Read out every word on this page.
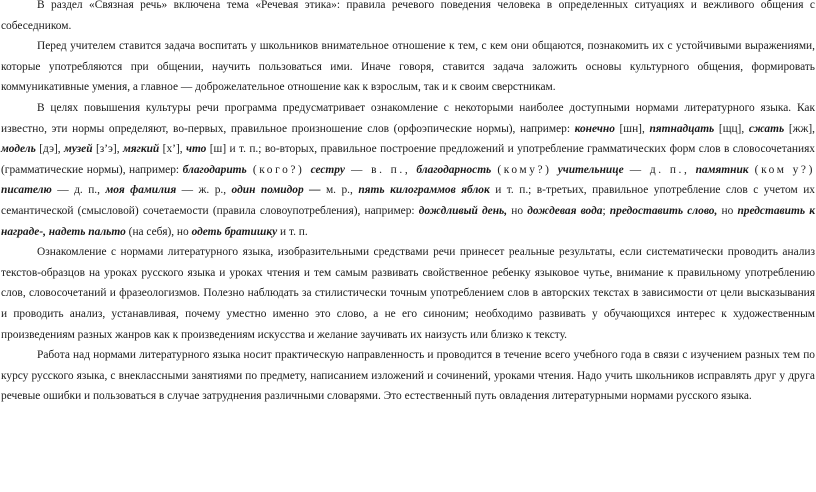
В раздел «Связная речь» включена тема «Речевая этика»: правила речевого поведения человека в определенных ситуациях и вежливого общения с собеседником.

Перед учителем ставится задача воспитать у школьников внимательное отношение к тем, с кем они общаются, познакомить их с устойчивыми выражениями, которые употребляются при общении, научить пользоваться ими. Иначе говоря, ставится задача заложить основы культурного общения, формировать коммуникативные умения, а главное — доброжелательное отношение как к взрослым, так и к своим сверстникам.

В целях повышения культуры речи программа предусматривает ознакомление с некоторыми наиболее доступными нормами литературного языка. Как известно, эти нормы определяют, во-первых, правильное произношение слов (орфоэпические нормы), например: конечно [шн], пятнадцать [щц], сжать [жж], модель [дэ], музей [з’э], мягкий [х’], что [ш] и т. п.; во-вторых, правильное построение предложений и употребление грамматических форм слов в словосочетаниях (грамматические нормы), например: благодарить (кого?) сестру — в. п., благодарность (кому?) учительнице — д. п., памятник (ком у?) писателю — д. п., моя фамилия — ж. р., один помидор — м. р., пять килограммов яблок и т. п.; в-третьих, правильное употребление слов с учетом их семантической (смысловой) сочетаемости (правила словоупотребления), например: дождливый день, но дождевая вода; предоставить слово, но представить к награде-, надеть пальто (на себя), но одеть братишку и т. п.

Ознакомление с нормами литературного языка, изобразительными средствами речи принесет реальные результаты, если систематически проводить анализ текстов-образцов на уроках русского языка и уроках чтения и тем самым развивать свойственное ребенку языковое чутье, внимание к правильному употреблению слов, словосочетаний и фразеологизмов. Полезно наблюдать за стилистически точным употреблением слов в авторских текстах в зависимости от цели высказывания и проводить анализ, устанавливая, почему уместно именно это слово, а не его синоним; необходимо развивать у обучающихся интерес к художественным произведениям разных жанров как к произведениям искусства и желание заучивать их наизусть или близко к тексту.

Работа над нормами литературного языка носит практическую направленность и проводится в течение всего учебного года в связи с изучением разных тем по курсу русского языка, с внеклассными занятиями по предмету, написанием изложений и сочинений, уроками чтения. Надо учить школьников исправлять друг у друга речевые ошибки и пользоваться в случае затруднения различными словарями. Это естественный путь овладения литературными нормами русского языка.
